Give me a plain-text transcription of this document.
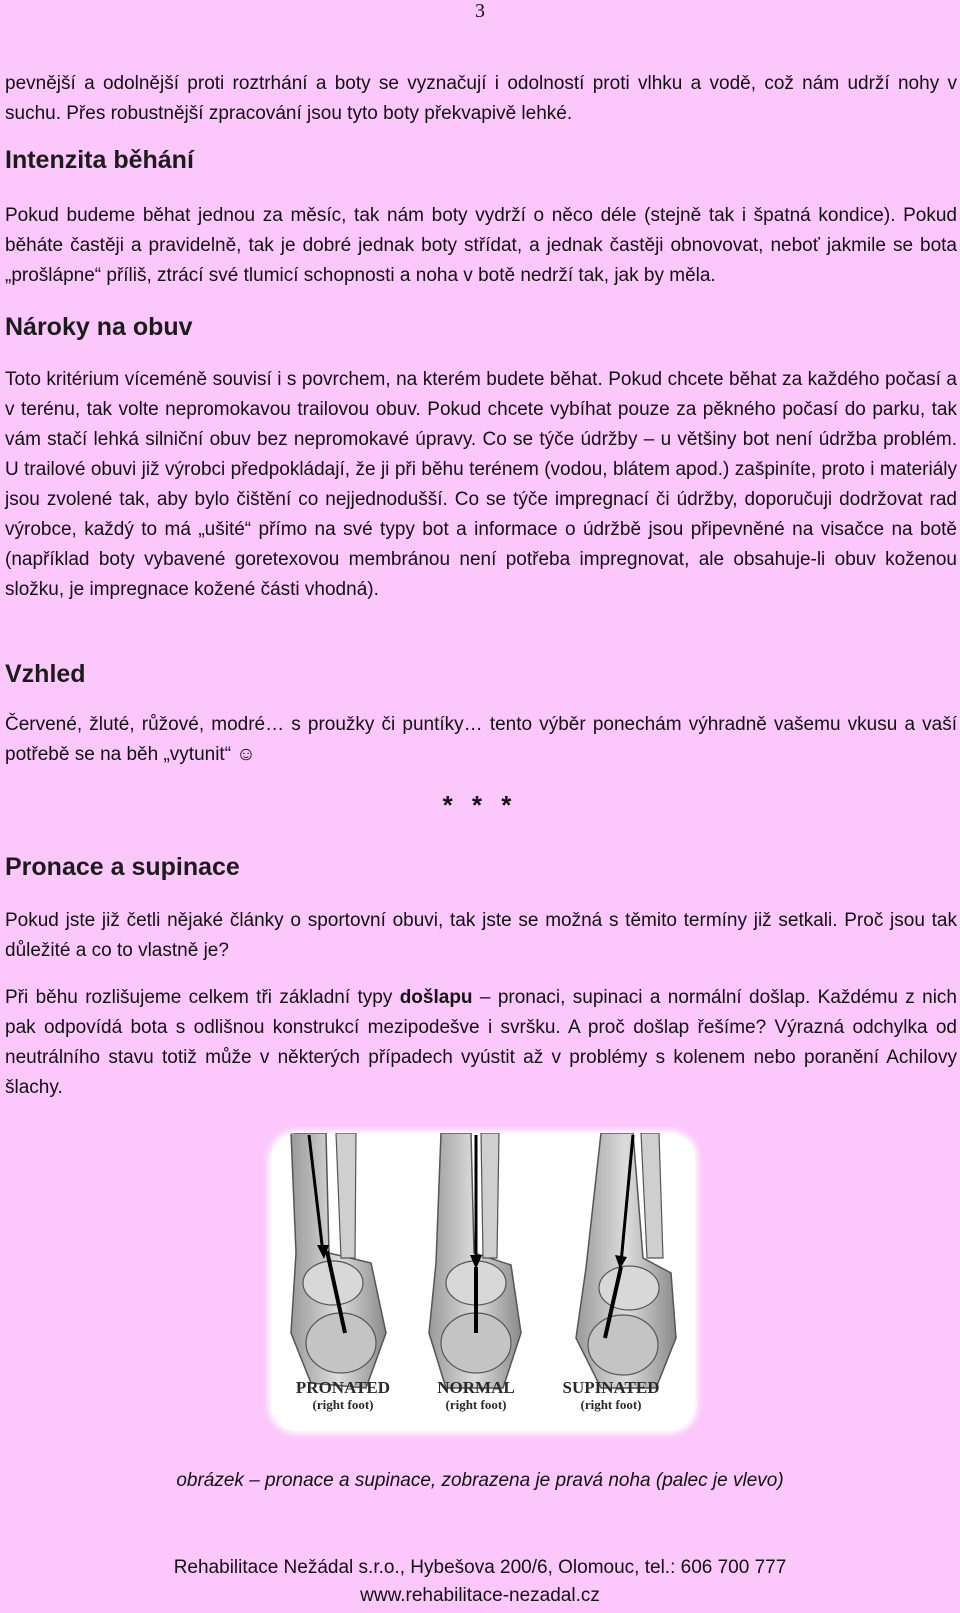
3

pevnější a odolnější proti roztrhání a boty se vyznačují i odolností proti vlhku a vodě, což nám udrží nohy v suchu. Přes robustnější zpracování jsou tyto boty překvapivě lehké.

Intenzita běhání

Pokud budeme běhat jednou za měsíc, tak nám boty vydrží o něco déle (stejně tak i špatná kondice). Pokud běháte častěji a pravidelně, tak je dobré jednak boty střídat, a jednak častěji obnovovat, neboť jakmile se bota „prošlápne“ příliš, ztrácí své tlumicí schopnosti a noha v botě nedrží tak, jak by měla.

Nároky na obuv

Toto kritérium víceméně souvisí i s povrchem, na kterém budete běhat. Pokud chcete běhat za každého počasí a v terénu, tak volte nepromokavou trailovou obuv. Pokud chcete vybíhat pouze za pěkného počasí do parku, tak vám stačí lehká silniční obuv bez nepromokavé úpravy. Co se týče údržby – u většiny bot není údržba problém. U trailové obuvi již výrobci předpokládají, že ji při běhu terénem (vodou, blátem apod.) zašpiníte, proto i materiály jsou zvolené tak, aby bylo čištění co nejjednodušší. Co se týče impregnací či údržby, doporučuji dodržovat rad výrobce, každý to má „ušité“ přímo na své typy bot a informace o údržbě jsou připevněné na visačce na botě (například boty vybavené goretexovou membránou není potřeba impregnovat, ale obsahuje-li obuv koženou složku, je impregnace kožené části vhodná).

Vzhled

Červené, žluté, růžové, modré… s proužky či puntíky… tento výběr ponechám výhradně vašemu vkusu a vaší potřebě se na běh „vytunit“ ☺

* * *
Pronace a supinace

Pokud jste již četli nějaké články o sportovní obuvi, tak jste se možná s těmito termíny již setkali. Proč jsou tak důležité a co to vlastně je?

Při běhu rozlišujeme celkem tři základní typy došlapu – pronaci, supinaci a normální došlap. Každému z nich pak odpovídá bota s odlišnou konstrukcí mezipodešve i svršku. A proč došlap řešíme? Výrazná odchylka od neutrálního stavu totiž může v některých případech vyústit až v problémy s kolenem nebo poranění Achilovy šlachy.

PRONATED
(right foot)
NORMAL
(right foot)
SUPINATED
(right foot)
obrázek – pronace a supinace, zobrazena je pravá noha (palec je vlevo)
Rehabilitace Nežádal s.r.o., Hybešova 200/6, Olomouc, tel.: 606 700 777
www.rehabilitace-nezadal.cz
